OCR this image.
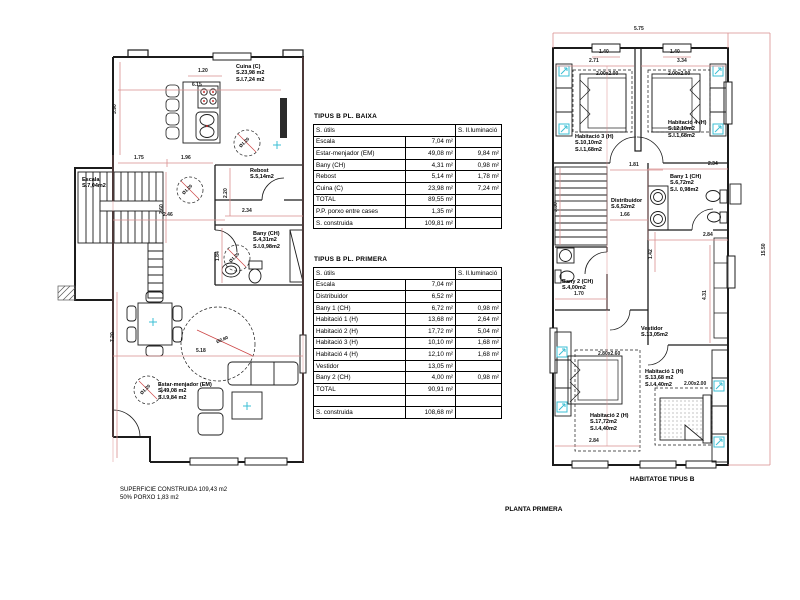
TIPUS B PL. BAIXA
S. útils		S. Il.luminació
Escala	7,04 m²	
Estar-menjador (EM)	49,08 m²	9,84 m²
Bany (CH)	4,31 m²	0,98 m²
Rebost	5,14 m²	1,78 m²
Cuina (C)	23,98 m²	7,24 m²
TOTAL	89,55 m²	
P.P. porxo entre cases	1,35 m²	
S. construida	109,81 m²	
TIPUS B PL. PRIMERA
S. útils		S. Il.luminació
Escala	7,04 m²	
Distribuidor	6,52 m²	
Bany 1 (CH)	6,72 m²	0,98 m²
Habitació 1 (H)	13,68 m²	2,64 m²
Habitació 2 (H)	17,72 m²	5,04 m²
Habitació 3 (H)	10,10 m²	1,68 m²
Habitació 4 (H)	12,10 m²	1,68 m²
Vestidor	13,05 m²	
Bany 2 (CH)	4,00 m²	0,98 m²
TOTAL	90,91 m²	

S. construida	108,68 m²	
Cuina (C)
S.23,98 m2
S.I.7,24 m2
Escala
S.7,04m2
Rebost
S.5,14m2
Bany (CH)
S.4,31m2
S.I.0,98m2
Estar-menjador (EM)
S.49,08 m2
S.I.9,84 m2
1.20
6.15
3.90
1.75	1.96
2.46
2.34
2.20
2.60
1.84
7.20
5.18
Ø1.20
Ø1.20
Ø1.20
Ø1.20
Ø2.60
Habitació 3 (H)
S.10,10m2
S.I.1,68m2
Habitació 4 (H)
S.12,10m2
S.I.1,68m2
Bany 1 (CH)
S.6,72m2
S.I. 0,98m2
Distribuidor
S.6,52m2
Bany 2 (CH)
S.4,00m2
Vestidor
S.13,05m2
Habitació 1 (H)
S.13,68 m2
S.I.4,40m2
Habitació 2 (H)
S.17,72m2
S.I.4,40m2
2.00x2.00	2.00x2.00
2.00x2.00
2.80x2.60
5.75
1.40	1.40
2.71	3.34
1.81	2.34
3.30
1.66
1.42
2.84
4.31
1.70
2.84
15.50
SUPERFICIE CONSTRUIDA 109,43 m2
50% PORXO 1,83 m2
HABITATGE TIPUS B
PLANTA PRIMERA
